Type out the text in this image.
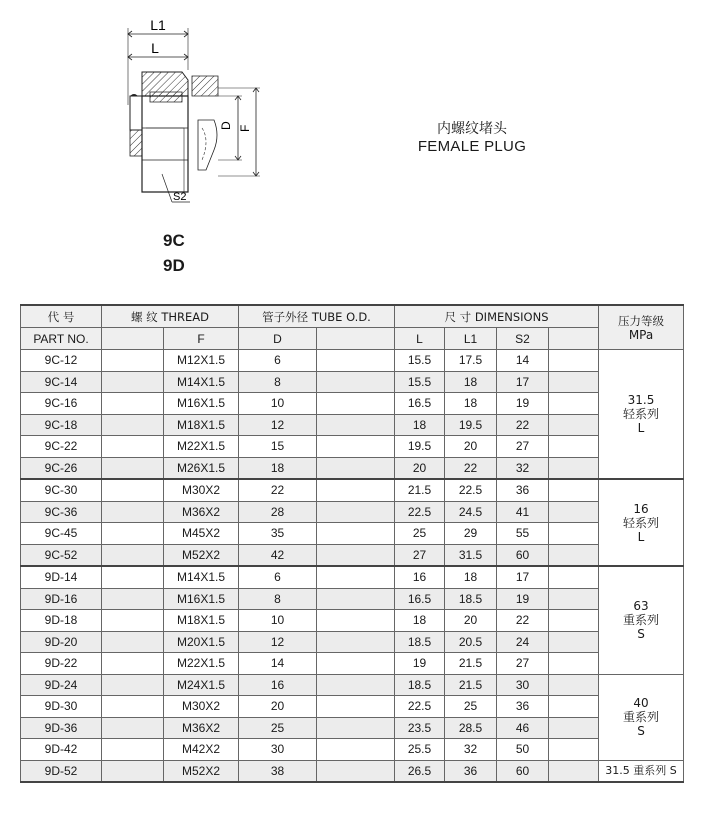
L1
L
D F
S2
9C
9D
内螺纹堵头
FEMALE PLUG
代 号	螺 纹 THREAD		管子外径 TUBE O.D.		尺 寸 DIMENSIONS				压力等级
MPa

PART NO.		F	D		L	L1	S2		
9C-12		M12X1.5	6		15.5	17.5	14		31.5
轻系列
L

9C-14		M14X1.5	8		15.5	18	17		
9C-16		M16X1.5	10		16.5	18	19		
9C-18		M18X1.5	12		18	19.5	22		
9C-22		M22X1.5	15		19.5	20	27		
9C-26		M26X1.5	18		20	22	32		
9C-30		M30X2	22		21.5	22.5	36		16
轻系列
L

9C-36		M36X2	28		22.5	24.5	41		
9C-45		M45X2	35		25	29	55		
9C-52		M52X2	42		27	31.5	60		
9D-14		M14X1.5	6		16	18	17		63
重系列
S

9D-16		M16X1.5	8		16.5	18.5	19		
9D-18		M18X1.5	10		18	20	22		
9D-20		M20X1.5	12		18.5	20.5	24		
9D-22		M22X1.5	14		19	21.5	27		
9D-24		M24X1.5	16		18.5	21.5	30		40
重系列
S

9D-30		M30X2	20		22.5	25	36		
9D-36		M36X2	25		23.5	28.5	46		
9D-42		M42X2	30		25.5	32	50		
9D-52		M52X2	38		26.5	36	60		31.5 重系列 S
